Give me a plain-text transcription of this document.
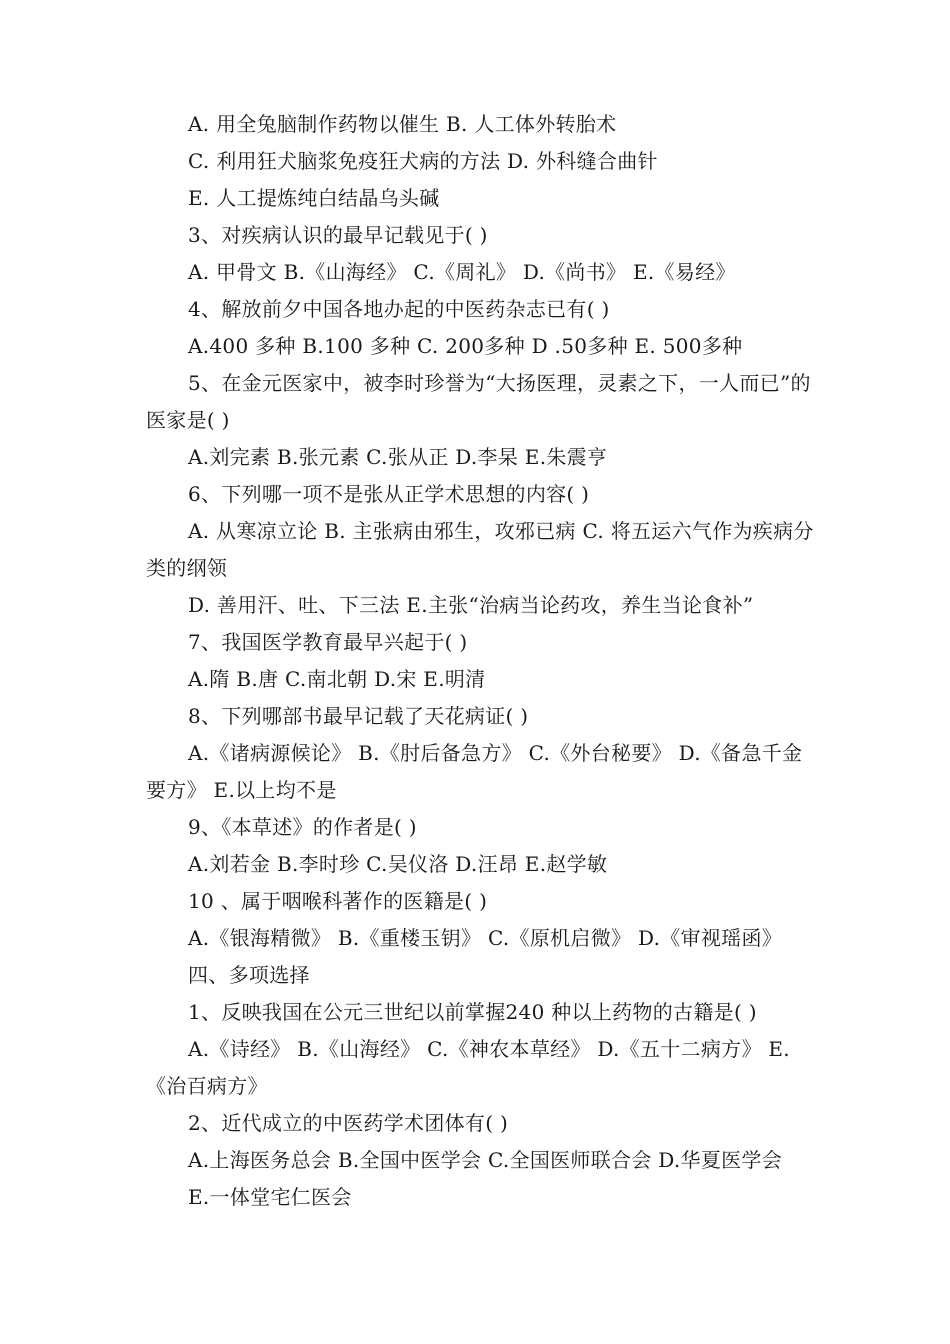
A. 用全兔脑制作药物以催生 B. 人工体外转胎术
C. 利用狂犬脑浆免疫狂犬病的方法 D. 外科缝合曲针
E. 人工提炼纯白结晶乌头碱
3、对疾病认识的最早记载见于( )
A. 甲骨文 B.《山海经》 C.《周礼》 D.《尚书》 E.《易经》
4、解放前夕中国各地办起的中医药杂志已有( )
A.400 多种 B.100 多种 C. 200多种 D .50多种 E. 500多种
5、在金元医家中，被李时珍誉为“大扬医理，灵素之下，一人而已”的医家是( )
A.刘完素 B.张元素 C.张从正 D.李杲 E.朱震亨
6、下列哪一项不是张从正学术思想的内容( )
A. 从寒凉立论 B. 主张病由邪生，攻邪已病 C. 将五运六气作为疾病分类的纲领
D. 善用汗、吐、下三法 E.主张“治病当论药攻，养生当论食补”
7、我国医学教育最早兴起于( )
A.隋 B.唐 C.南北朝 D.宋 E.明清
8、下列哪部书最早记载了天花病证( )
A.《诸病源候论》 B.《肘后备急方》 C.《外台秘要》 D.《备急千金要方》 E.以上均不是
9、《本草述》的作者是( )
A.刘若金 B.李时珍 C.吴仪洛 D.汪昂 E.赵学敏
10 、属于咽喉科著作的医籍是( )
A.《银海精微》 B.《重楼玉钥》 C.《原机启微》 D.《审视瑶函》
四、多项选择
1、反映我国在公元三世纪以前掌握240 种以上药物的古籍是( )
A.《诗经》 B.《山海经》 C.《神农本草经》 D.《五十二病方》 E.《治百病方》
2、近代成立的中医药学术团体有( )
A.上海医务总会 B.全国中医学会 C.全国医师联合会 D.华夏医学会
E.一体堂宅仁医会
